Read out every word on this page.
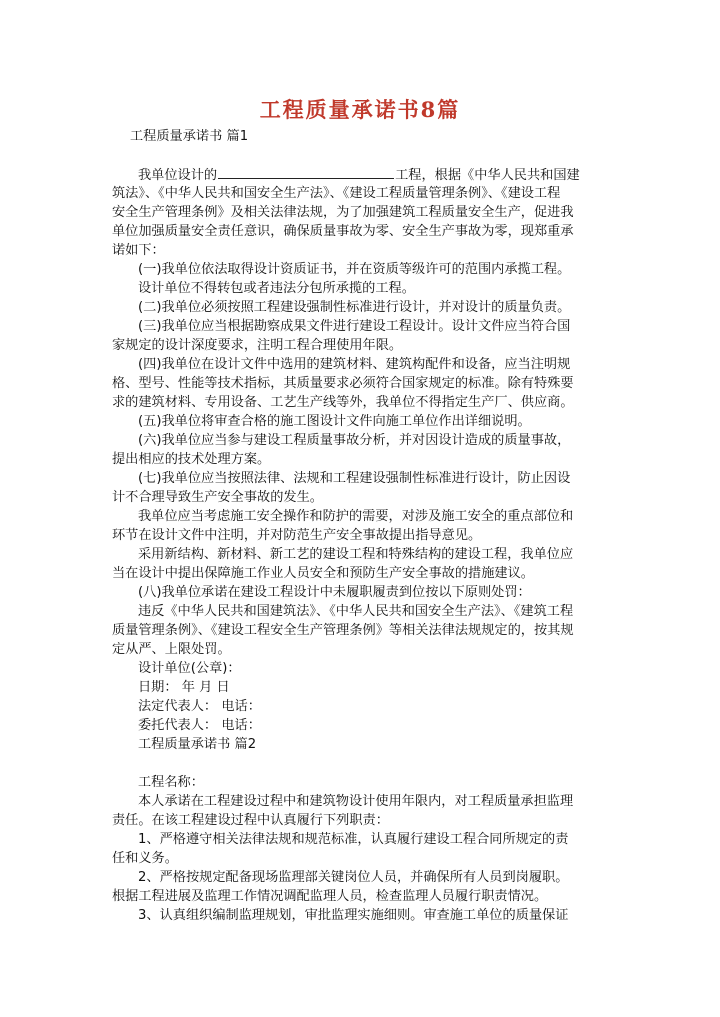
工程质量承诺书8篇
工程质量承诺书 篇1
我单位设计的	工程，根据《中华人民共和国建
筑法》、《中华人民共和国安全生产法》、《建设工程质量管理条例》、《建设工程
安全生产管理条例》及相关法律法规，为了加强建筑工程质量安全生产，促进我
单位加强质量安全责任意识，确保质量事故为零、安全生产事故为零，现郑重承
诺如下：
(一)我单位依法取得设计资质证书，并在资质等级许可的范围内承揽工程。
设计单位不得转包或者违法分包所承揽的工程。
(二)我单位必须按照工程建设强制性标准进行设计，并对设计的质量负责。
(三)我单位应当根据勘察成果文件进行建设工程设计。设计文件应当符合国
家规定的设计深度要求，注明工程合理使用年限。
(四)我单位在设计文件中选用的建筑材料、建筑构配件和设备，应当注明规
格、型号、性能等技术指标，其质量要求必须符合国家规定的标准。除有特殊要
求的建筑材料、专用设备、工艺生产线等外，我单位不得指定生产厂、供应商。
(五)我单位将审查合格的施工图设计文件向施工单位作出详细说明。
(六)我单位应当参与建设工程质量事故分析，并对因设计造成的质量事故，
提出相应的技术处理方案。
(七)我单位应当按照法律、法规和工程建设强制性标准进行设计，防止因设
计不合理导致生产安全事故的发生。
我单位应当考虑施工安全操作和防护的需要，对涉及施工安全的重点部位和
环节在设计文件中注明，并对防范生产安全事故提出指导意见。
采用新结构、新材料、新工艺的建设工程和特殊结构的建设工程，我单位应
当在设计中提出保障施工作业人员安全和预防生产安全事故的措施建议。
(八)我单位承诺在建设工程设计中未履职履责到位按以下原则处罚：
违反《中华人民共和国建筑法》、《中华人民共和国安全生产法》、《建筑工程
质量管理条例》、《建设工程安全生产管理条例》等相关法律法规规定的，按其规
定从严、上限处罚。
设计单位(公章)：
日期： 年 月 日
法定代表人： 电话：
委托代表人： 电话：
工程质量承诺书 篇2
工程名称：
本人承诺在工程建设过程中和建筑物设计使用年限内，对工程质量承担监理
责任。在该工程建设过程中认真履行下列职责：
1、严格遵守相关法律法规和规范标准，认真履行建设工程合同所规定的责
任和义务。
2、严格按规定配备现场监理部关键岗位人员，并确保所有人员到岗履职。
根据工程进展及监理工作情况调配监理人员，检查监理人员履行职责情况。
3、认真组织编制监理规划，审批监理实施细则。审查施工单位的质量保证
